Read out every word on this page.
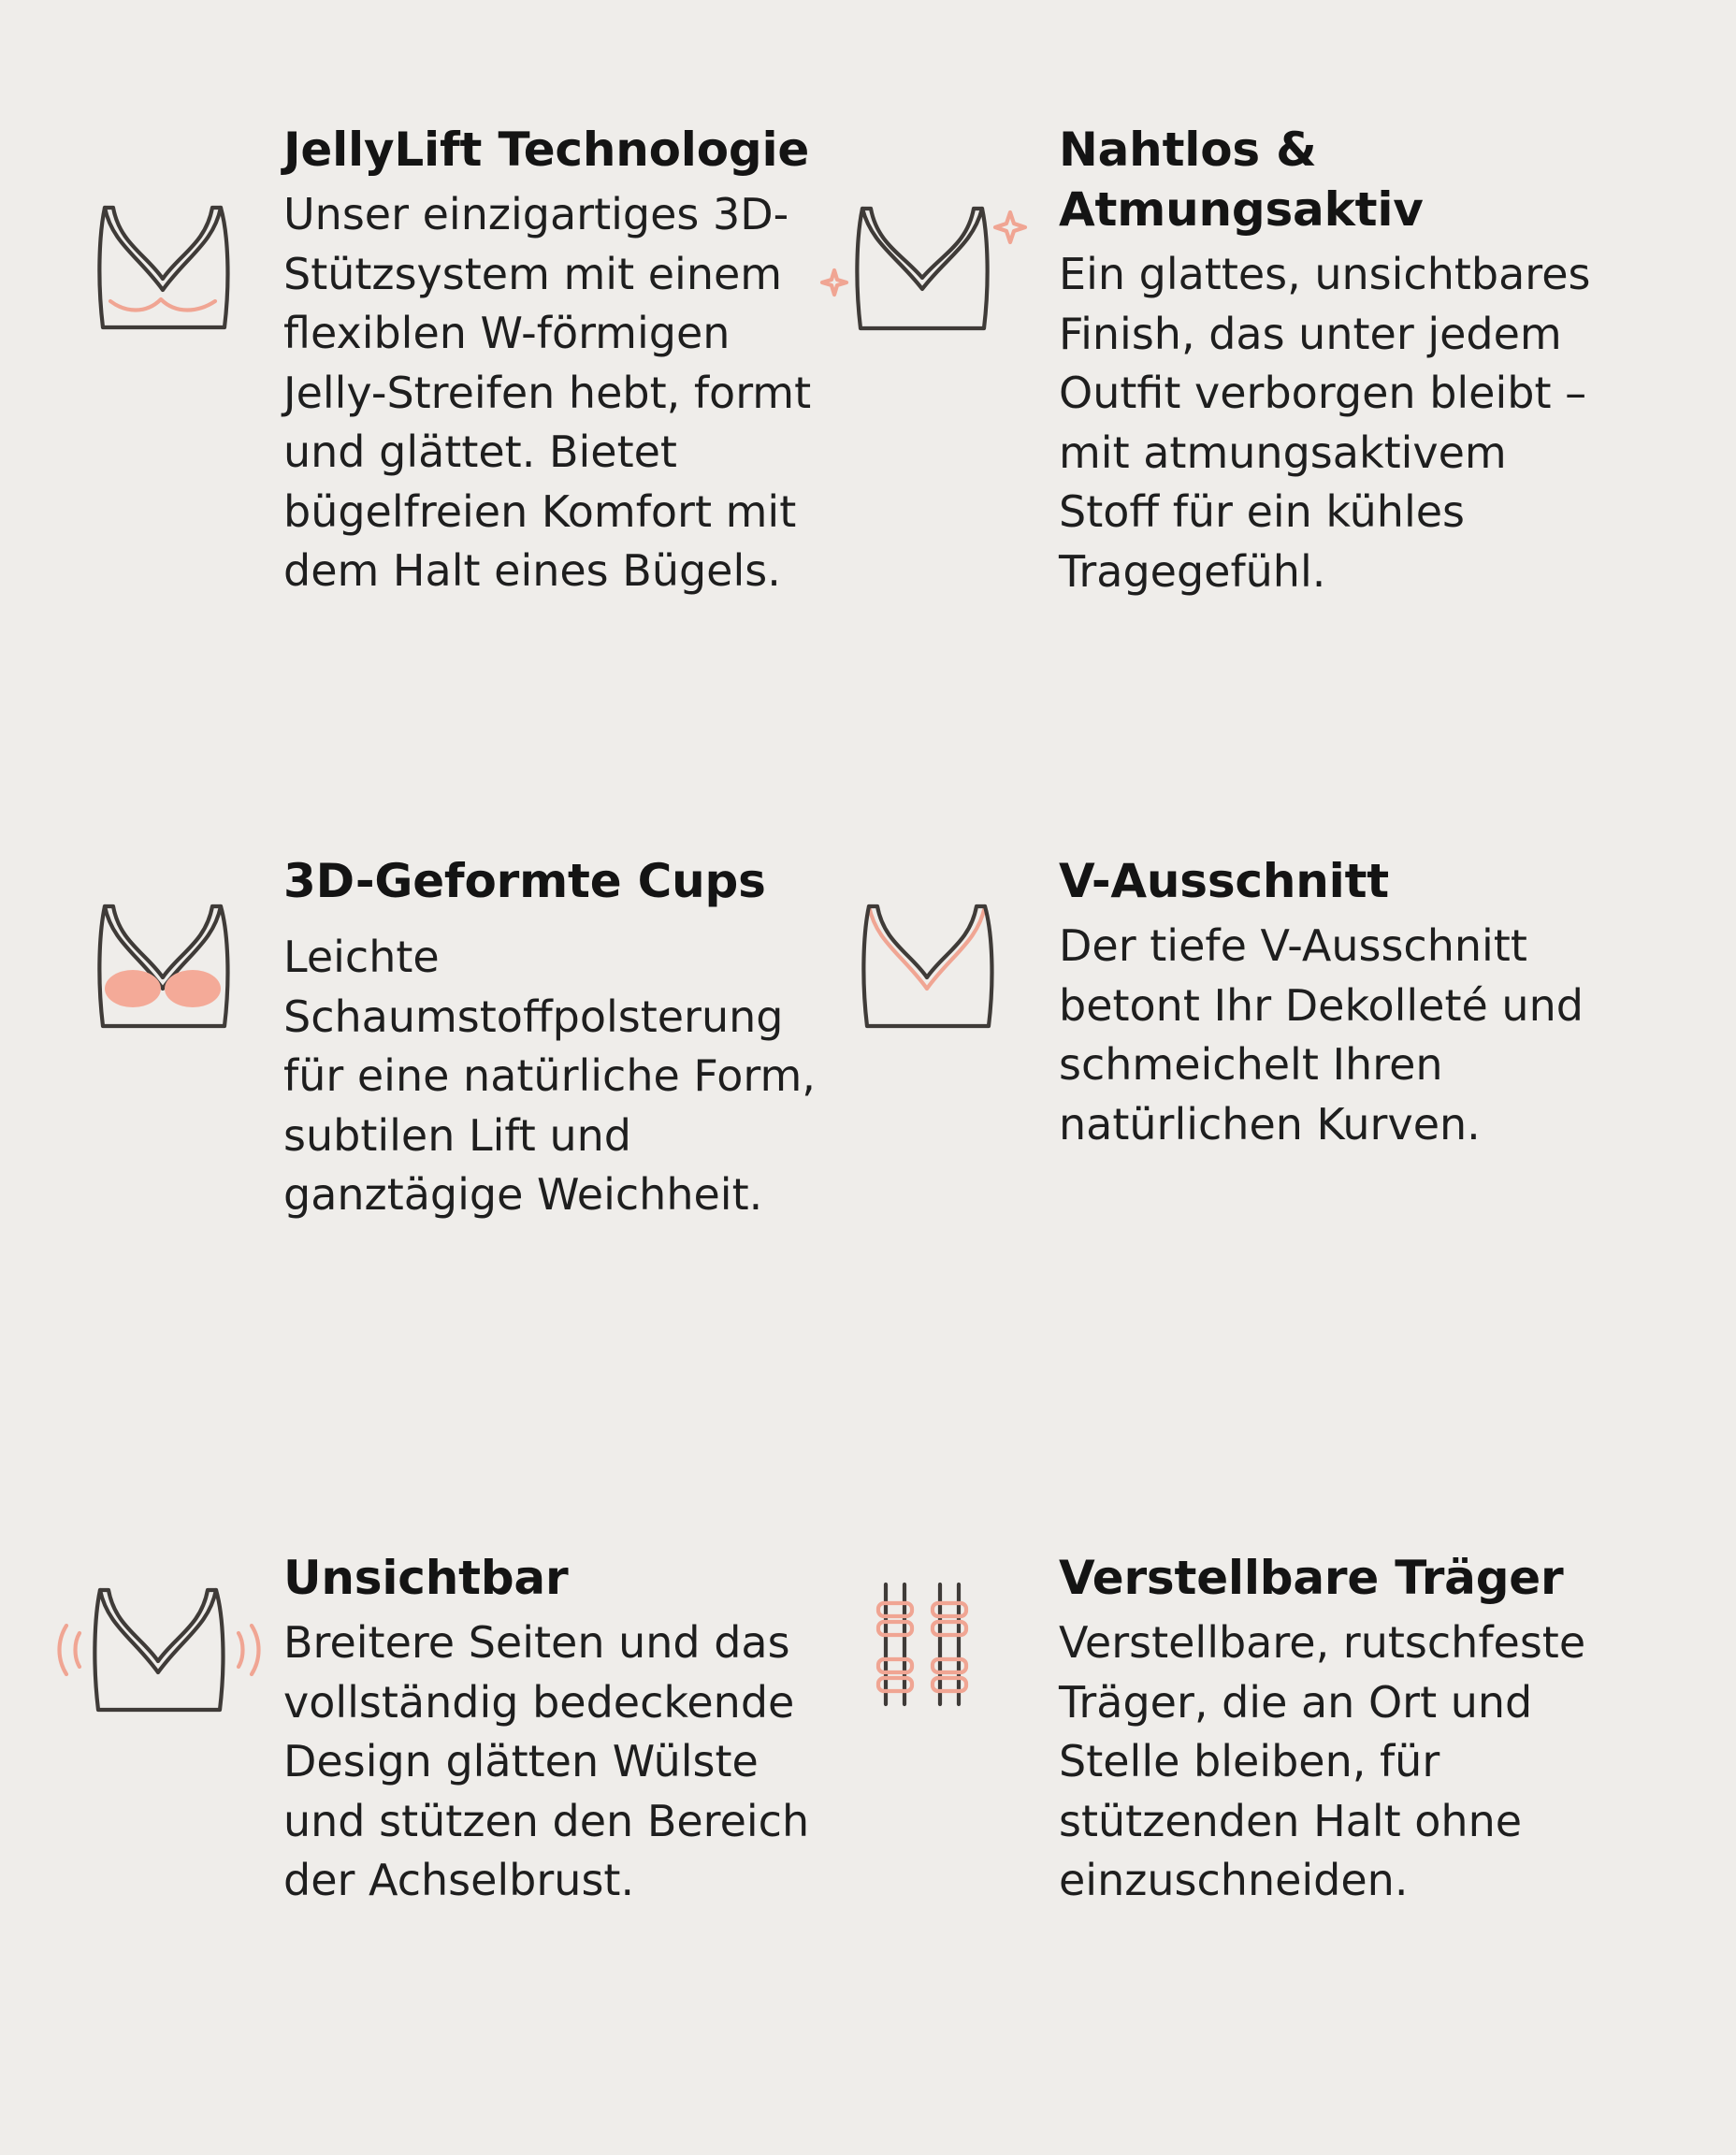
JellyLift Technologie

Unser einzigartiges 3D-Stützsystem mit einem flexiblen W-förmigen Jelly-Streifen hebt, formt und glättet. Bietet bügelfreien Komfort mit dem Halt eines Bügels.

Nahtlos & Atmungsaktiv

Ein glattes, unsichtbares Finish, das unter jedem Outfit verborgen bleibt – mit atmungsaktivem Stoff für ein kühles Tragegefühl.

3D-Geformte Cups

Leichte Schaumstoffpolsterung für eine natürliche Form, subtilen Lift und ganztägige Weichheit.

V-Ausschnitt

Der tiefe V-Ausschnitt betont Ihr Dekolleté und schmeichelt Ihren natürlichen Kurven.

Unsichtbar

Breitere Seiten und das vollständig bedeckende Design glätten Wülste und stützen den Bereich der Achselbrust.

Verstellbare Träger

Verstellbare, rutschfeste Träger, die an Ort und Stelle bleiben, für stützenden Halt ohne einzuschneiden.
